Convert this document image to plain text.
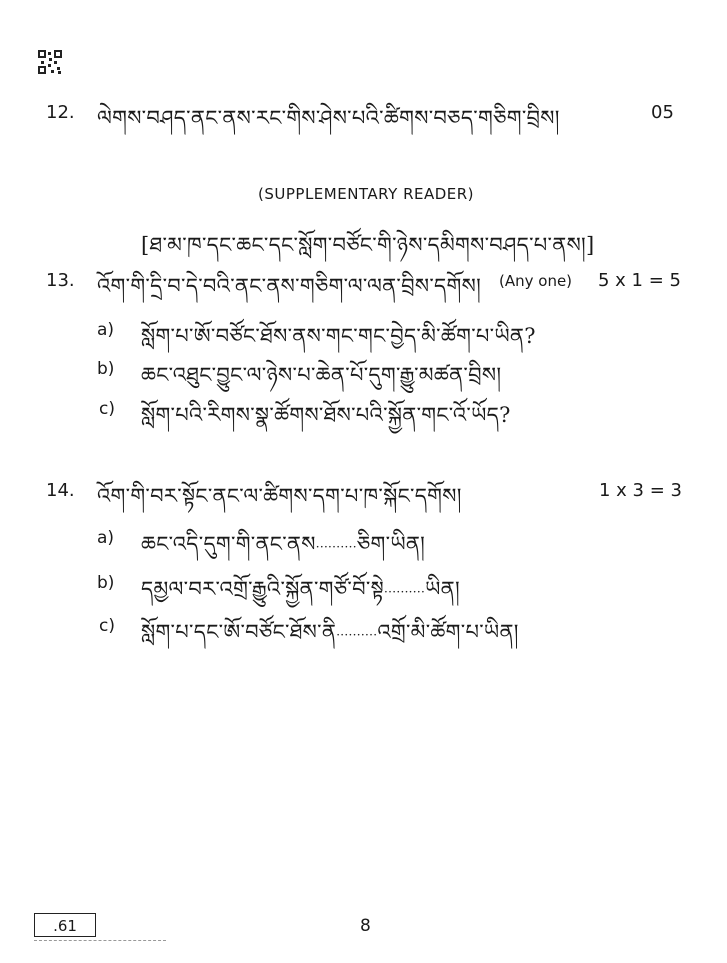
12. ལེགས་བཤད་ནང་ནས་རང་གིས་ཤེས་པའི་ཚིགས་བཅད་གཅིག་བྲིས།	05
(SUPPLEMENTARY READER)
[ཐ་མ་ཁ་དང་ཆང་དང་སློག་བཙོང་གི་ཉེས་དམིགས་བཤད་པ་ནས།]
13. འོག་གི་དྲི་བ་དེ་བའི་ནང་ནས་གཅིག་ལ་ལན་བྲིས་དགོས། (Any one) 5 x 1 = 5
a) སློག་པ་ཨོ་བཙོང་ཐོས་ནས་གང་གང་བྱེད་མི་ཚོག་པ་ཡིན?
b) ཆང་འཐུང་བྱུང་ལ་ཉེས་པ་ཆེན་པོ་དུག་རྒྱུ་མཚན་བྲིས།
c) སློག་པའི་རིགས་སྣ་ཚོགས་ཐོས་པའི་སྐྱོན་གང་འོ་ཡོད?
14. འོག་གི་བར་སྟོང་ནང་ལ་ཚིགས་དག་པ་ཁ་སྐོང་དགོས།	1 x 3 = 3
a) ཆང་འདི་དུག་གི་ནང་ནས··········ཅིག་ཡིན།
b) དམྱལ་བར་འགྲོ་རྒྱུའི་སྐྱོན་གཙོ་བོ་སྟེ··········ཡིན།
c) སློག་པ་དང་ཨོ་བཙོང་ཐོས་ནི··········འགྲོ་མི་ཚོག་པ་ཡིན།
.61	8
